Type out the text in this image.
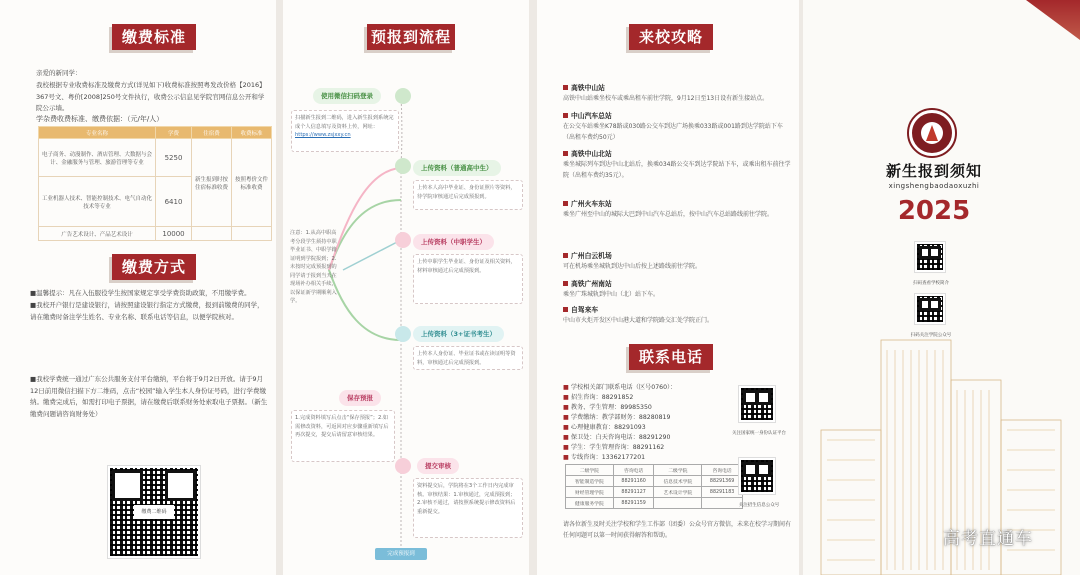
缴费标准
亲爱的新同学：
我校根据专业收费标准及缴费方式(详见如下)收费标准按照粤发改价格【2016】367号文、粤价[2008]250号文件执行，收费公示信息见学院官网信息公开和学院公示墙。
学杂费收费标准、缴费依据：（元/年/人）
专业名称	学费	住宿费	收费标准
电子商务、动漫制作、酒店管理、大数据与会计、金融服务与管理、旅游管理等专业	5250	新生报到时按住宿标准收费	按照粤价文件标准收费
工业机器人技术、智能控制技术、电气自动化技术等专业	6410		
广告艺术设计、产品艺术设计	10000		
缴费方式
■温馨提示：凡在入伍服役学生按国家规定享受学费资助政策，不用缴学费。
■我校开户银行是建设银行，请按照建设银行指定方式缴费，报到前缴费的同学，请在缴费时备注学生姓名、专业名称、联系电话等信息，以便学院核对。
■我校学费统一通过广东公共服务支付平台缴纳，平台将于9月2日开放。请于9月12日前用微信扫描下方二维码，点击“校园”输入学生本人身份证号码，进行学费缴纳。缴费完成后，如需打印电子票据，请在缴费后联系财务处索取电子票据。（新生缴费问题请咨询财务处）
缴费二维码
预报到流程
使用微信扫码登录
扫描新生报到二维码，进入新生报到系统完成个人信息填写及资料上传，网址：
https://www.zsjxxy.cn
上传资料（普通高中生）
上传本人高中毕业证、身份证照片等资料，待学院审核通过后完成预报到。
注意：1.从高中职高考分段学生须持中职毕业证书、中职学籍证明到学院报到；2.未按时完成预报到的同学请于报到当天在现场补办相关手续，以保证新学期顺利入学。
上传资料（中职学生）
上传中职学生毕业证、身份证及相关资料，材料审核通过后完成预报到。
上传资料（3+证书考生）
上传本人身份证、毕业证书或在读证明等资料，审核通过后完成预报到。
保存预报
1.完成资料填写后点击“保存预报”；2.如需修改资料，可返回对应步骤重新填写后再次提交，提交后请留意审核结果。
提交审核
资料提交后，学院将在3个工作日内完成审核。审核结果：1.审核通过，完成预报到；2.审核不通过，请按照系统提示修改资料后重新提交。
完成预报到
来校攻略
高铁中山站
高铁中山站乘坐校车或乘出租车前往学院，9月12日至13日设有新生接站点。
中山汽车总站
在公交车站乘坐K78路或030路公交车到达广场换乘033路或001路到达学院站下车（出租车费约50元）
高铁中山北站
乘坐城际列车到达中山北站后，换乘034路公交车到达学院站下车，或乘出租车前往学院（出租车费约35元）。
广州火车东站
乘坐广州至中山的城际大巴到中山汽车总站后，按中山汽车总站路线前往学院。
广州白云机场
可在机场乘坐城轨到达中山后按上述路线前往学院。
高铁广州南站
乘坐广珠城轨到中山（北）站下车。
自驾来车
中山市火炬开发区中山港大道和学院路交汇处学院正门。
联系电话
■ 学校相关部门联系电话（区号0760）：
■ 招生咨询：88291852
■ 教务、学生管理：89985350
■ 学费缴纳：教学部财务：88280819
■ 心理健康教育：88291093
■ 保卫处：白天咨询电话：88291290
■ 学生：学生管理咨询：88291162
■ 专线咨询：13362177201
二级学院	咨询电话	二级学院	咨询电话
智能制造学院	88291160	信息技术学院	88291369
财经管理学院	88291127	艺术设计学院	88291183
健康服务学院	88291159		
关注国家统一身份认证平台
关注招生信息公众号
请各位新生及时关注学校和学生工作部（团委）公众号官方微信，未来在校学习期间有任何问题可以第一时间获得解答和帮助。
新生报到须知
xingshengbaodaoxuzhi
2025
扫码查看学校简介
扫码关注学院公众号
高考直通车
